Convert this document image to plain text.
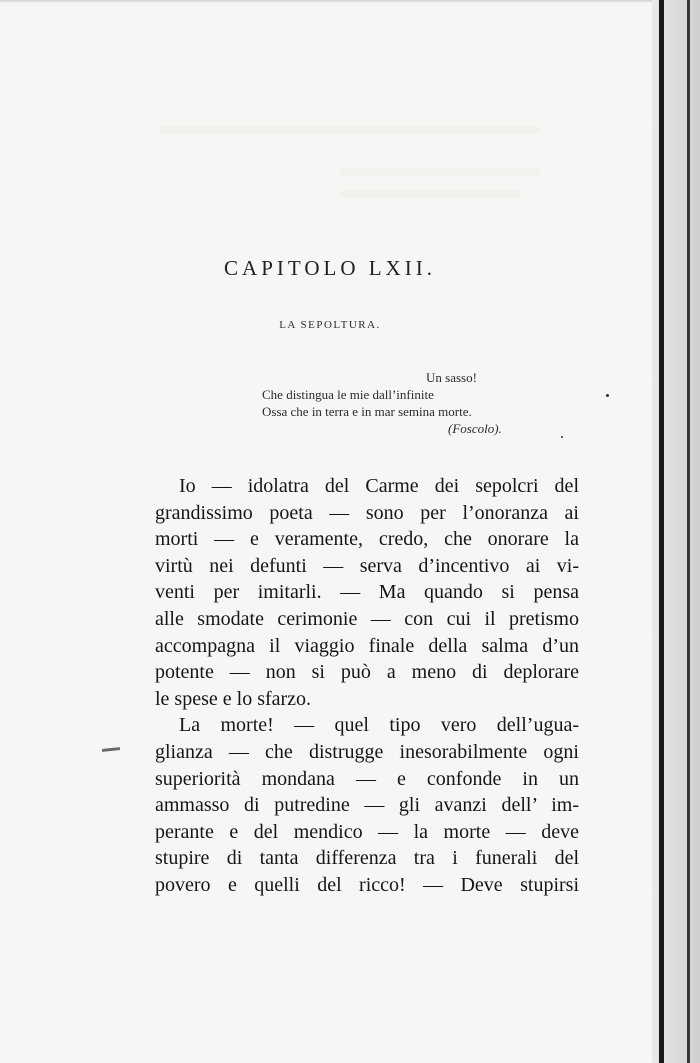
CAPITOLO LXII.
LA SEPOLTURA.
Un sasso!
Che distingua le mie dall’infinite
Ossa che in terra e in mar semina morte.
(Foscolo).
Io — idolatra del Carme dei sepolcri del
grandissimo poeta — sono per l’onoranza ai
morti — e veramente, credo, che onorare la
virtù nei defunti — serva d’incentivo ai vi-
venti per imitarli. — Ma quando si pensa
alle smodate cerimonie — con cui il pretismo
accompagna il viaggio finale della salma d’un
potente — non si può a meno di deplorare
le spese e lo sfarzo.
La morte! — quel tipo vero dell’ugua-
glianza — che distrugge inesorabilmente ogni
superiorità mondana — e confonde in un
ammasso di putredine — gli avanzi dell’ im-
perante e del mendico — la morte — deve
stupire di tanta differenza tra i funerali del
povero e quelli del ricco! — Deve stupirsi
